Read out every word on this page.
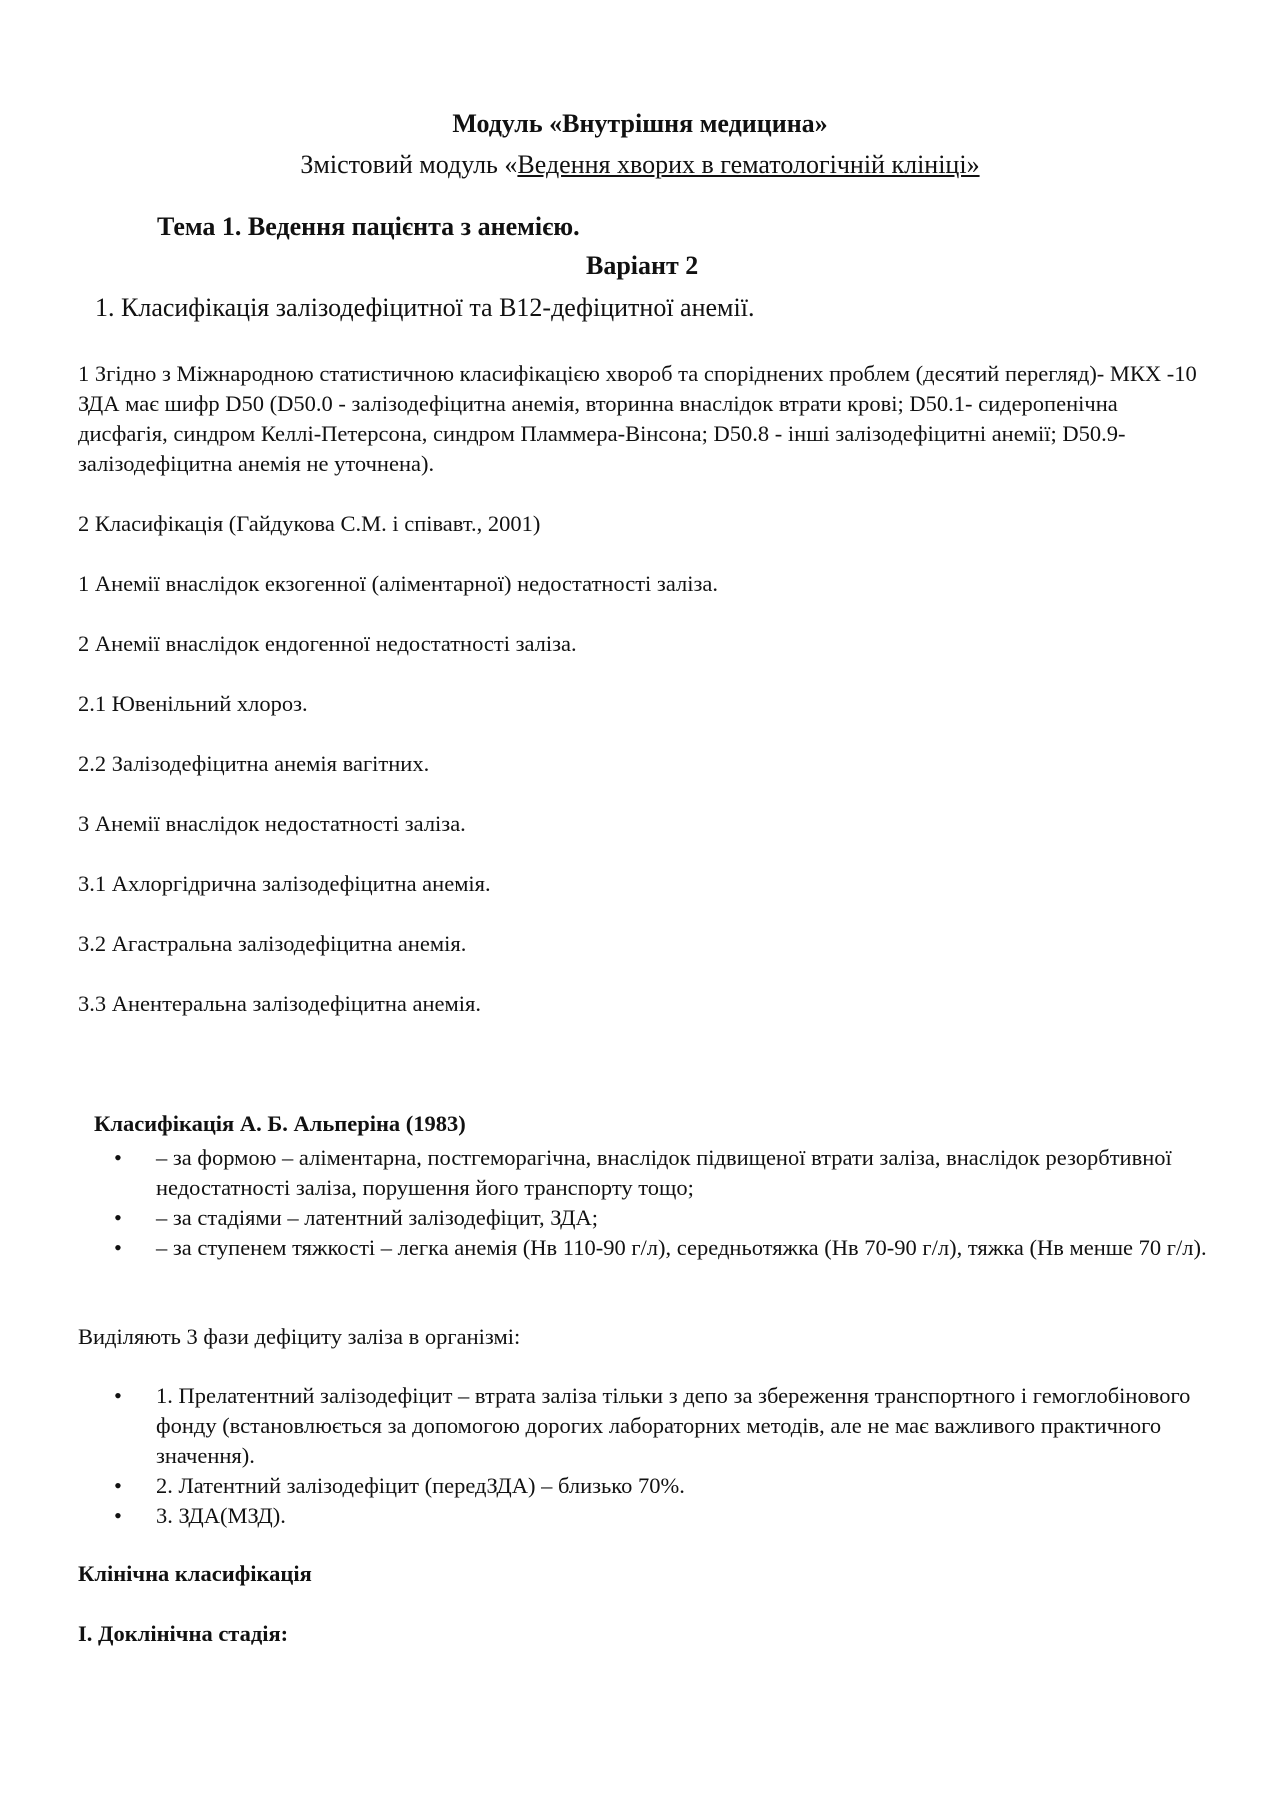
Модуль «Внутрішня медицина»

Змістовий модуль «Ведення хворих в гематологічній клініці»

Тема 1. Ведення пацієнта з анемією.

Варіант 2

1. Класифікація залізодефіцитної та В12-дефіцитної анемії.

1 Згідно з Міжнародною статистичною класифікацією хвороб та споріднених проблем (десятий перегляд)- МКХ -10 ЗДА має шифр D50 (D50.0 - залізодефіцитна анемія, вторинна внаслідок втрати крові; D50.1- сидеропенічна дисфагія, синдром Келлі-Петерсона, синдром Пламмера-Вінсона; D50.8 - інші залізодефіцитні анемії; D50.9- залізодефіцитна анемія не уточнена).

2 Класифікація (Гайдукова С.М. і співавт., 2001)

1 Анемії внаслідок екзогенної (аліментарної) недостатності заліза.

2 Анемії внаслідок ендогенної недостатності заліза.

2.1 Ювенільний хлороз.

2.2 Залізодефіцитна анемія вагітних.

3 Анемії внаслідок недостатності заліза.

3.1 Ахлоргідрична залізодефіцитна анемія.

3.2 Агастральна залізодефіцитна анемія.

3.3 Анентеральна залізодефіцитна анемія.

Класифікація А. Б. Альперіна (1983)

• – за формою – аліментарна, постгеморагічна, внаслідок підвищеної втрати заліза, внаслідок резорбтивної недостатності заліза, порушення його транспорту тощо;
• – за стадіями – латентний залізодефіцит, ЗДА;
• – за ступенем тяжкості – легка анемія (Нв 110-90 г/л), середньотяжка (Нв 70-90 г/л), тяжка (Нв менше 70 г/л).

Виділяють 3 фази дефіциту заліза в організмі:

• 1. Прелатентний залізодефіцит – втрата заліза тільки з депо за збереження транспортного і гемоглобінового фонду (встановлюється за допомогою дорогих лабораторних методів, але не має важливого практичного значення).
• 2. Латентний залізодефіцит (передЗДА) – близько 70%.
• 3. ЗДА(МЗД).

Клінічна класифікація

І. Доклінічна стадія:
